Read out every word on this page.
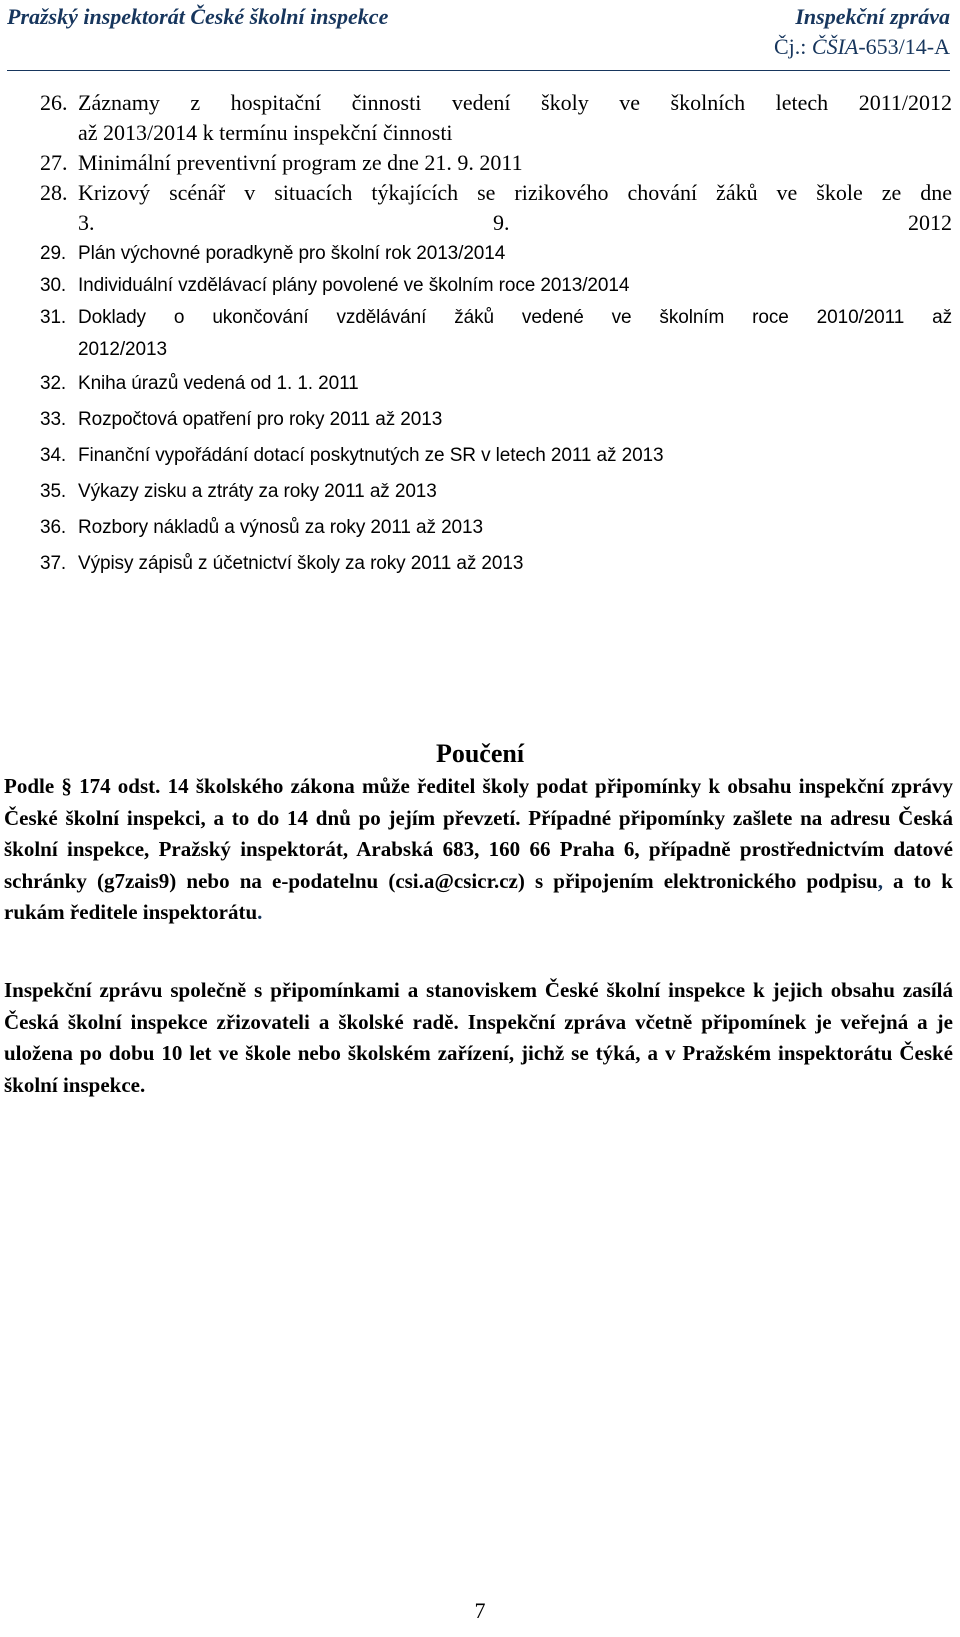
Pražský inspektorát České školní inspekce	Inspekční zpráva
Čj.: ČŠIA-653/14-A
26. Záznamy z hospitační činnosti vedení školy ve školních letech 2011/2012
až 2013/2014 k termínu inspekční činnosti
27. Minimální preventivní program ze dne 21. 9. 2011
28. Krizový scénář v situacích týkajících se rizikového chování žáků ve škole ze dne
3. 9. 2012
29. Plán výchovné poradkyně pro školní rok 2013/2014
30. Individuální vzdělávací plány povolené ve školním roce 2013/2014
31. Doklady o ukončování vzdělávání žáků vedené ve školním roce 2010/2011 až
2012/2013
32. Kniha úrazů vedená od 1. 1. 2011
33. Rozpočtová opatření pro roky 2011 až 2013
34. Finanční vypořádání dotací poskytnutých ze SR v letech 2011 až 2013
35. Výkazy zisku a ztráty za roky 2011 až 2013
36. Rozbory nákladů a výnosů za roky 2011 až 2013
37. Výpisy zápisů z účetnictví školy za roky 2011 až 2013
Poučení

Podle § 174 odst. 14 školského zákona může ředitel školy podat připomínky k obsahu inspekční zprávy České školní inspekci, a to do 14 dnů po jejím převzetí. Případné připomínky zašlete na adresu Česká školní inspekce, Pražský inspektorát, Arabská 683, 160 66 Praha 6, případně prostřednictvím datové schránky (g7zais9) nebo na e-podatelnu (csi.a@csicr.cz) s připojením elektronického podpisu, a to k rukám ředitele inspektorátu.

Inspekční zprávu společně s připomínkami a stanoviskem České školní inspekce k jejich obsahu zasílá Česká školní inspekce zřizovateli a školské radě. Inspekční zpráva včetně připomínek je veřejná a je uložena po dobu 10 let ve škole nebo školském zařízení, jichž se týká, a v Pražském inspektorátu České školní inspekce.

7
